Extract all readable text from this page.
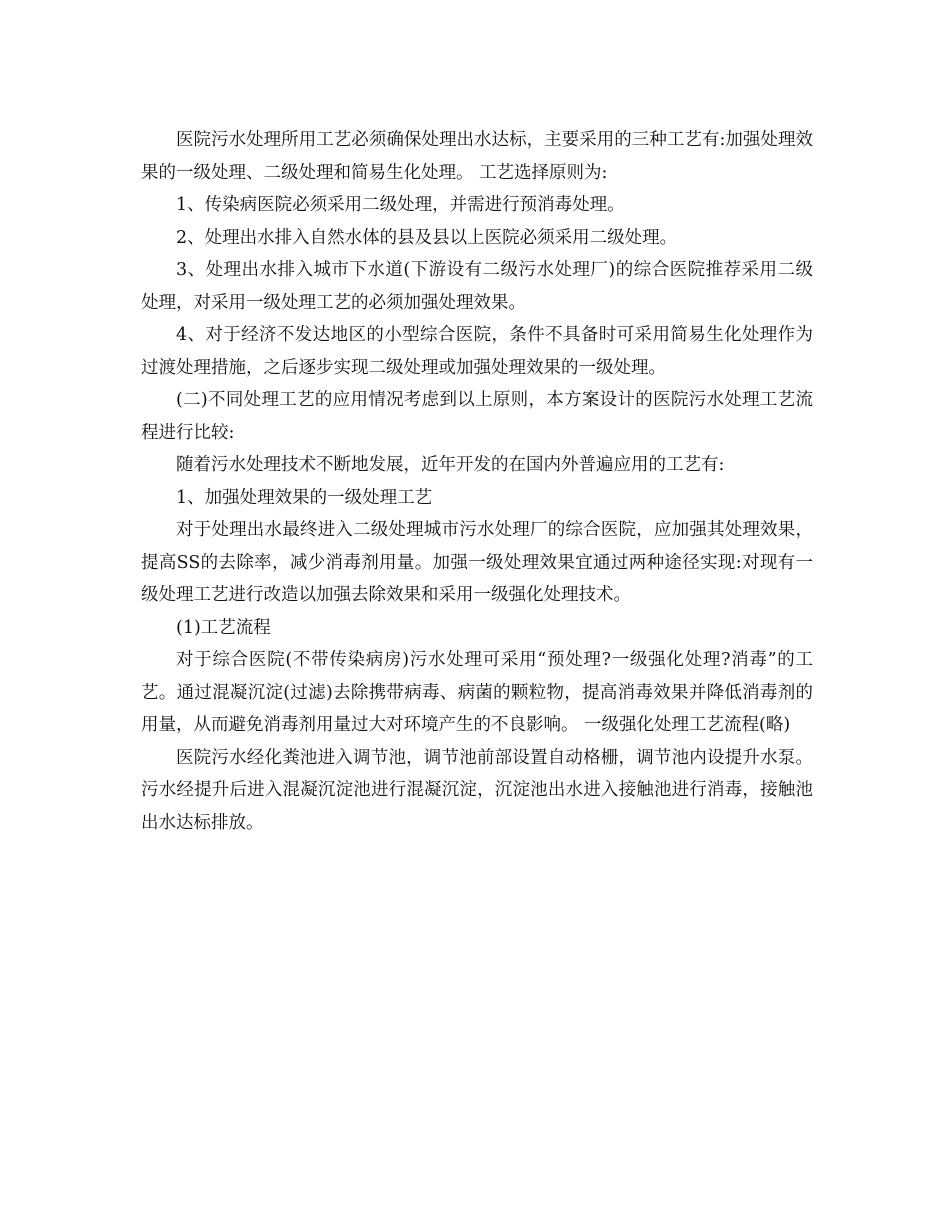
医院污水处理所用工艺必须确保处理出水达标，主要采用的三种工艺有:加强处理效果的一级处理、二级处理和简易生化处理。 工艺选择原则为:

1、传染病医院必须采用二级处理，并需进行预消毒处理。

2、处理出水排入自然水体的县及县以上医院必须采用二级处理。

3、处理出水排入城市下水道(下游设有二级污水处理厂)的综合医院推荐采用二级处理，对采用一级处理工艺的必须加强处理效果。

4、对于经济不发达地区的小型综合医院，条件不具备时可采用简易生化处理作为过渡处理措施，之后逐步实现二级处理或加强处理效果的一级处理。

(二)不同处理工艺的应用情况考虑到以上原则，本方案设计的医院污水处理工艺流程进行比较:

随着污水处理技术不断地发展，近年开发的在国内外普遍应用的工艺有:

1、加强处理效果的一级处理工艺

对于处理出水最终进入二级处理城市污水处理厂的综合医院，应加强其处理效果，提高SS的去除率，减少消毒剂用量。加强一级处理效果宜通过两种途径实现:对现有一级处理工艺进行改造以加强去除效果和采用一级强化处理技术。

(1)工艺流程

对于综合医院(不带传染病房)污水处理可采用“预处理?一级强化处理?消毒”的工艺。通过混凝沉淀(过滤)去除携带病毒、病菌的颗粒物，提高消毒效果并降低消毒剂的用量，从而避免消毒剂用量过大对环境产生的不良影响。 一级强化处理工艺流程(略)

医院污水经化粪池进入调节池，调节池前部设置自动格栅，调节池内设提升水泵。污水经提升后进入混凝沉淀池进行混凝沉淀，沉淀池出水进入接触池进行消毒，接触池出水达标排放。
